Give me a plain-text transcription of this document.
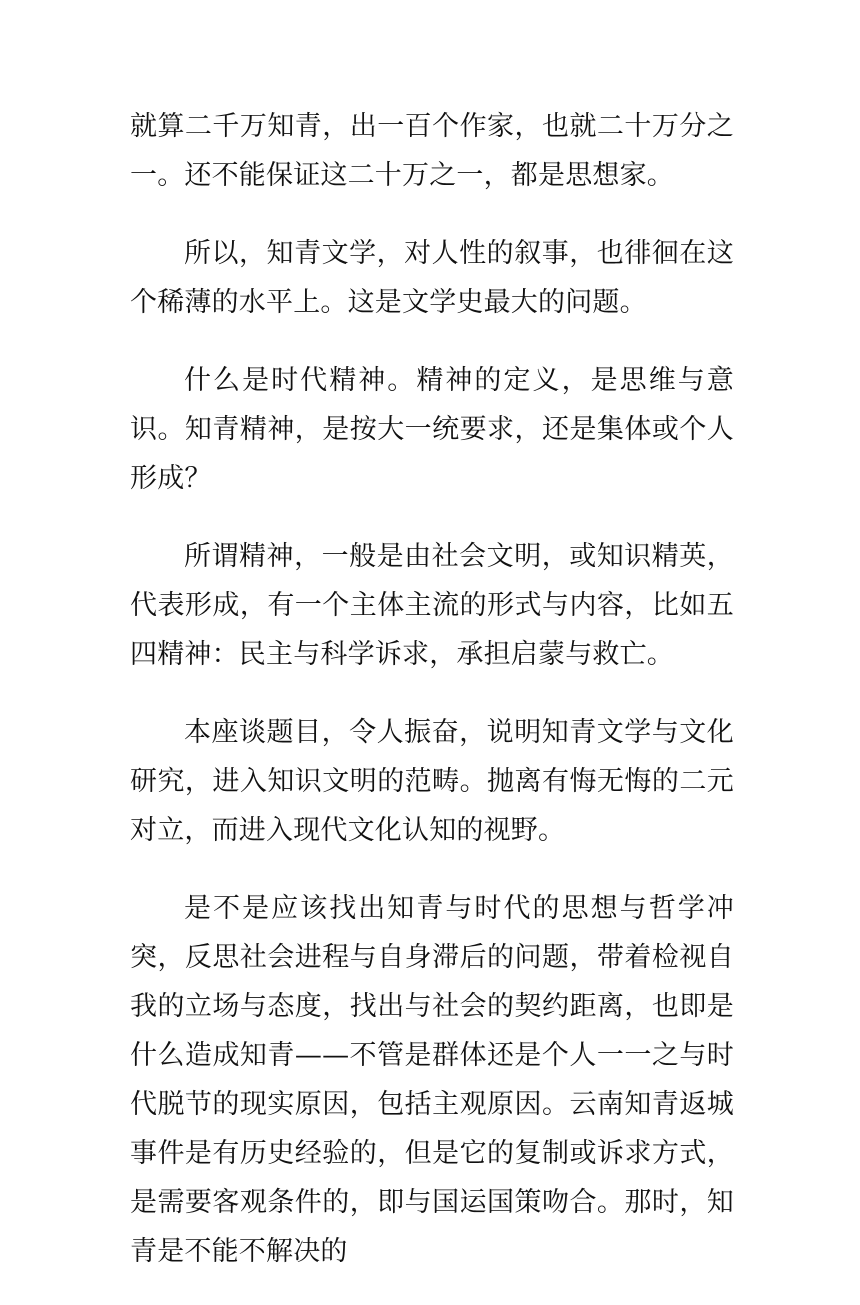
就算二千万知青，出一百个作家，也就二十万分之一。还不能保证这二十万之一，都是思想家。

所以，知青文学，对人性的叙事，也徘徊在这个稀薄的水平上。这是文学史最大的问题。

什么是时代精神。精神的定义，是思维与意识。知青精神，是按大一统要求，还是集体或个人形成？

所谓精神，一般是由社会文明，或知识精英，代表形成，有一个主体主流的形式与内容，比如五四精神：民主与科学诉求，承担启蒙与救亡。

本座谈题目，令人振奋，说明知青文学与文化研究，进入知识文明的范畴。抛离有悔无悔的二元对立，而进入现代文化认知的视野。

是不是应该找出知青与时代的思想与哲学冲突，反思社会进程与自身滞后的问题，带着检视自我的立场与态度，找出与社会的契约距离，也即是什么造成知青——不管是群体还是个人一一之与时代脱节的现实原因，包括主观原因。云南知青返城事件是有历史经验的，但是它的复制或诉求方式，是需要客观条件的，即与国运国策吻合。那时，知青是不能不解决的
